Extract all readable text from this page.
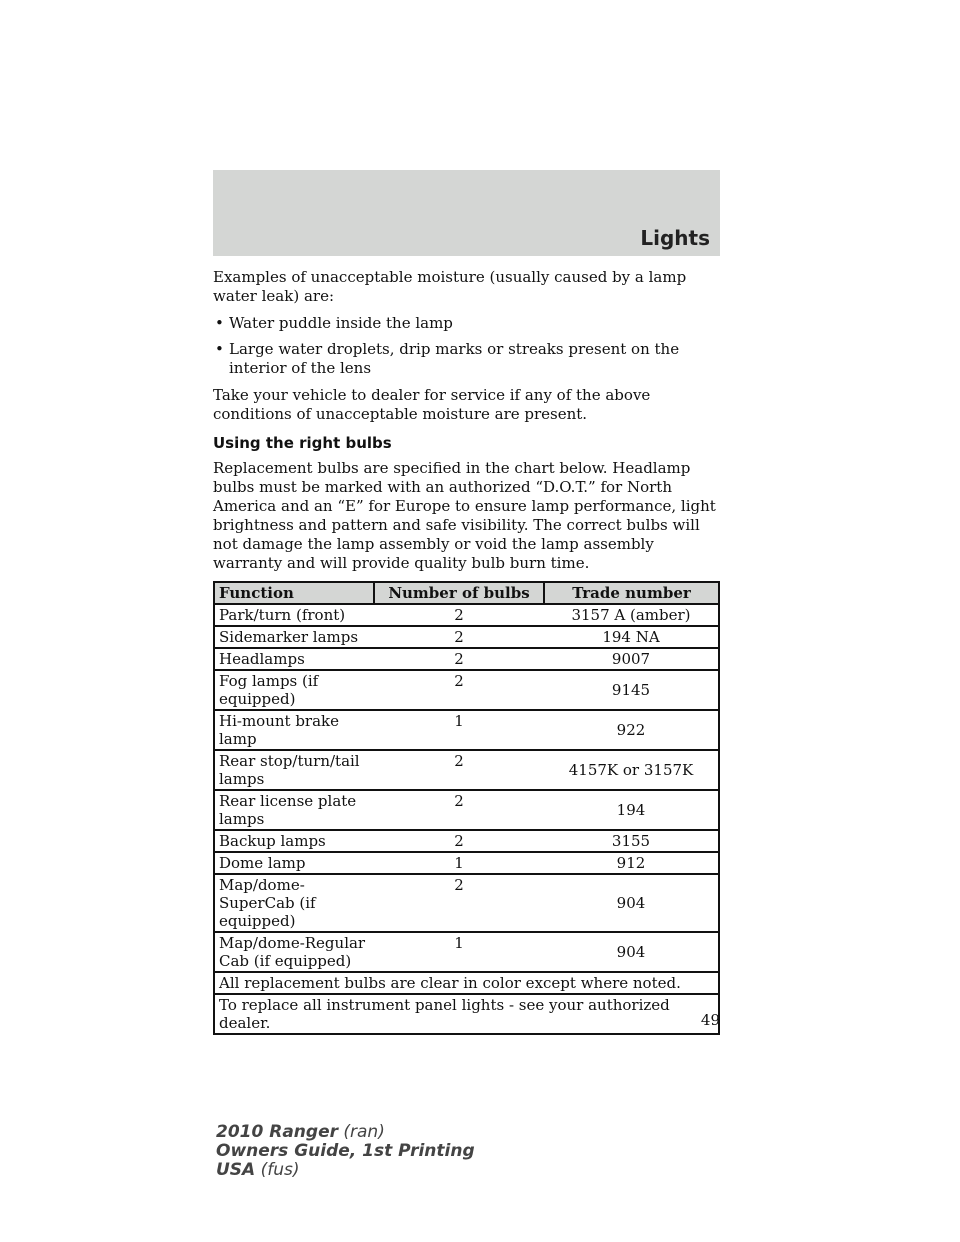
Lights

Examples of unacceptable moisture (usually caused by a lamp water leak) are:

• Water puddle inside the lamp
• Large water droplets, drip marks or streaks present on the interior of the lens

Take your vehicle to dealer for service if any of the above conditions of unacceptable moisture are present.

Using the right bulbs

Replacement bulbs are specified in the chart below. Headlamp bulbs must be marked with an authorized “D.O.T.” for North America and an “E” for Europe to ensure lamp performance, light brightness and pattern and safe visibility. The correct bulbs will not damage the lamp assembly or void the lamp assembly warranty and will provide quality bulb burn time.

Function	Number of bulbs	Trade number
Park/turn (front)	2	3157 A (amber)
Sidemarker lamps	2	194 NA
Headlamps	2	9007
Fog lamps (if equipped)	2	9145
Hi-mount brake lamp	1	922
Rear stop/turn/tail lamps	2	4157K or 3157K
Rear license plate lamps	2	194
Backup lamps	2	3155
Dome lamp	1	912
Map/dome-SuperCab (if equipped)	2	904
Map/dome-Regular Cab (if equipped)	1	904
All replacement bulbs are clear in color except where noted.		
To replace all instrument panel lights - see your authorized dealer.			49
2010 Ranger (ran)
Owners Guide, 1st Printing
USA (fus)
